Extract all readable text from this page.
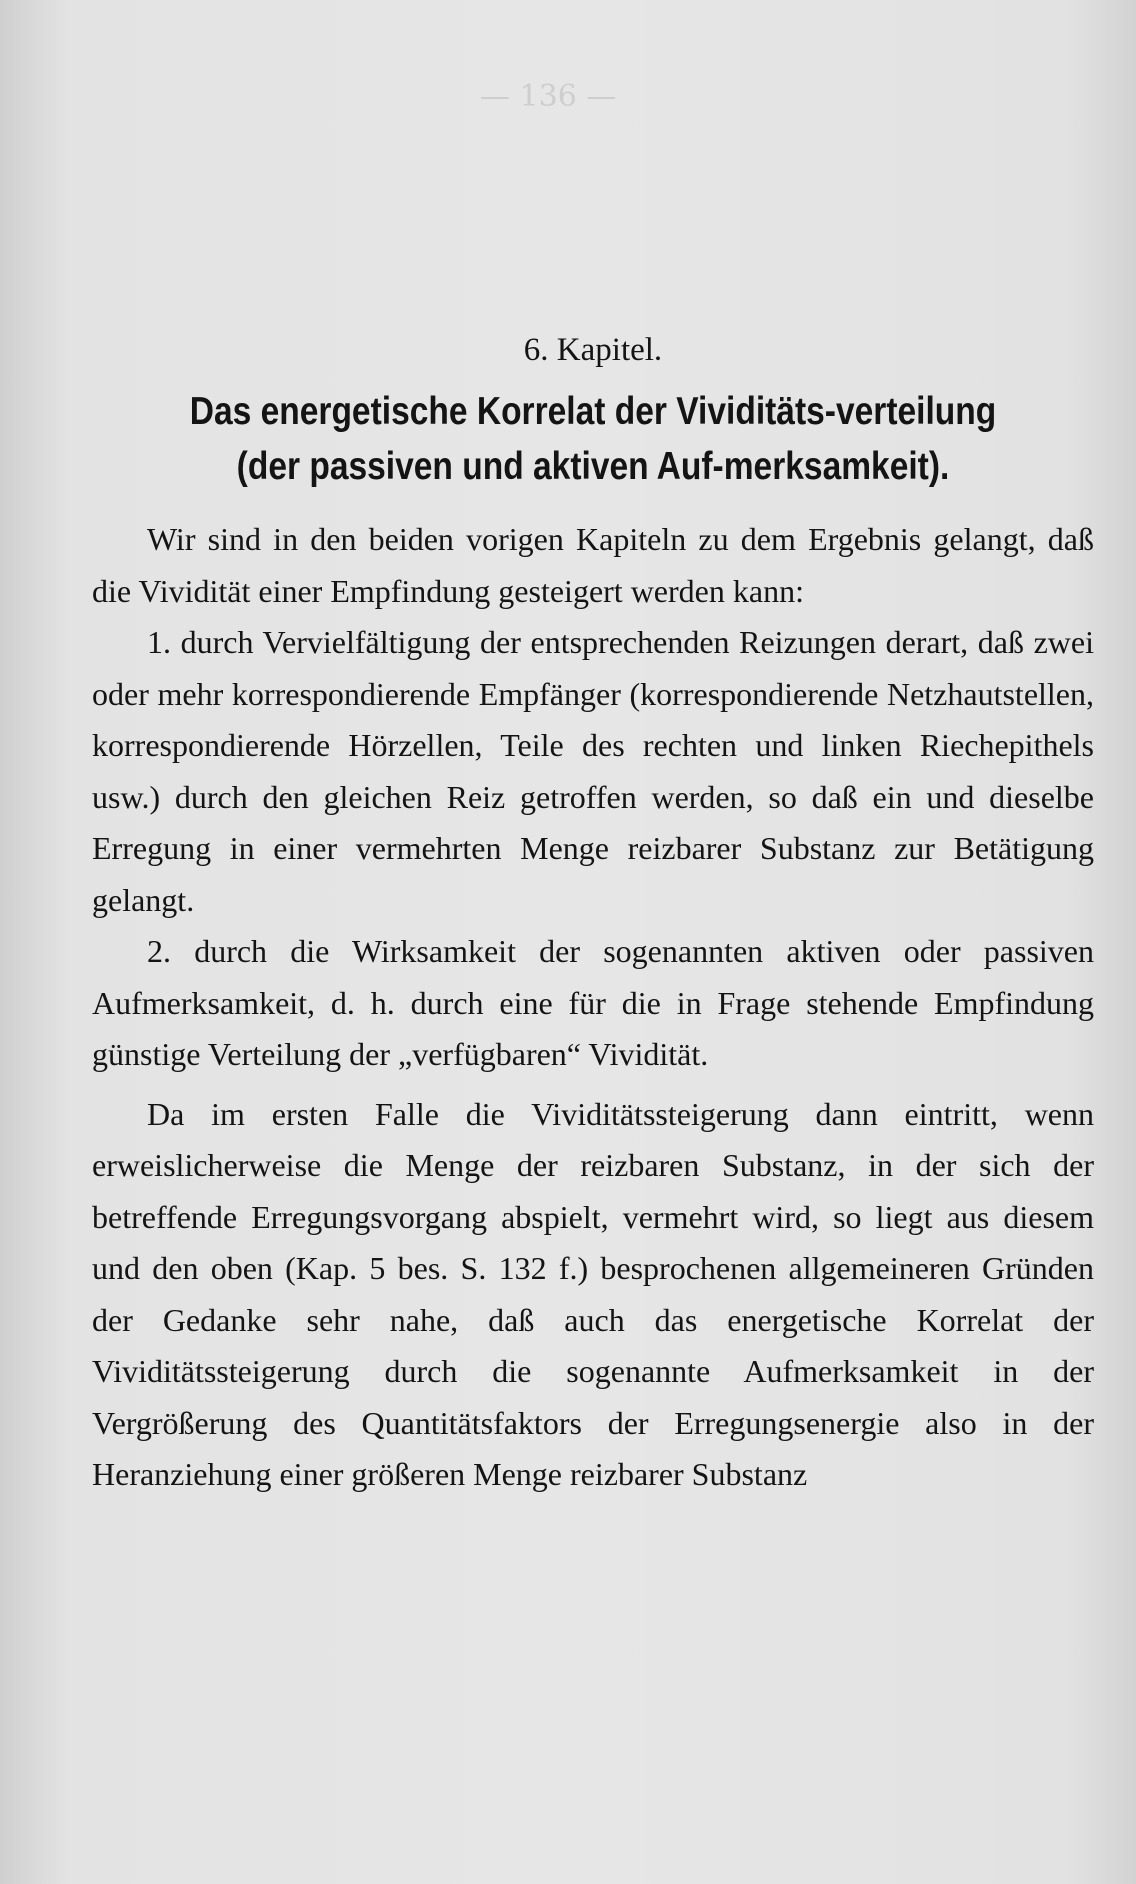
— 136 —
6. Kapitel.
Das energetische Korrelat der Vividitäts‐verteilung (der passiven und aktiven Auf‐merksamkeit).

Wir sind in den beiden vorigen Kapiteln zu dem Ergebnis gelangt, daß die Vividität einer Empfindung gesteigert werden kann:

1. durch Vervielfältigung der entsprechenden Reizungen derart, daß zwei oder mehr korrespondierende Empfänger (korrespondierende Netzhautstellen, korrespondierende Hörzellen, Teile des rechten und linken Riechepithels usw.) durch den gleichen Reiz getroffen werden, so daß ein und dieselbe Erregung in einer vermehrten Menge reizbarer Substanz zur Betätigung gelangt.

2. durch die Wirksamkeit der sogenannten aktiven oder passiven Aufmerksamkeit, d. h. durch eine für die in Frage stehende Empfindung günstige Verteilung der „verfügbaren“ Vividität.

Da im ersten Falle die Vividitätssteigerung dann eintritt, wenn erweislicherweise die Menge der reizbaren Substanz, in der sich der betreffende Erregungsvorgang abspielt, vermehrt wird, so liegt aus diesem und den oben (Kap. 5 bes. S. 132 f.) besprochenen allgemeineren Gründen der Gedanke sehr nahe, daß auch das energetische Korrelat der Vividitätssteigerung durch die sogenannte Aufmerksamkeit in der Vergrößerung des Quantitätsfaktors der Erregungsenergie also in der Heranziehung einer größeren Menge reizbarer Substanz
